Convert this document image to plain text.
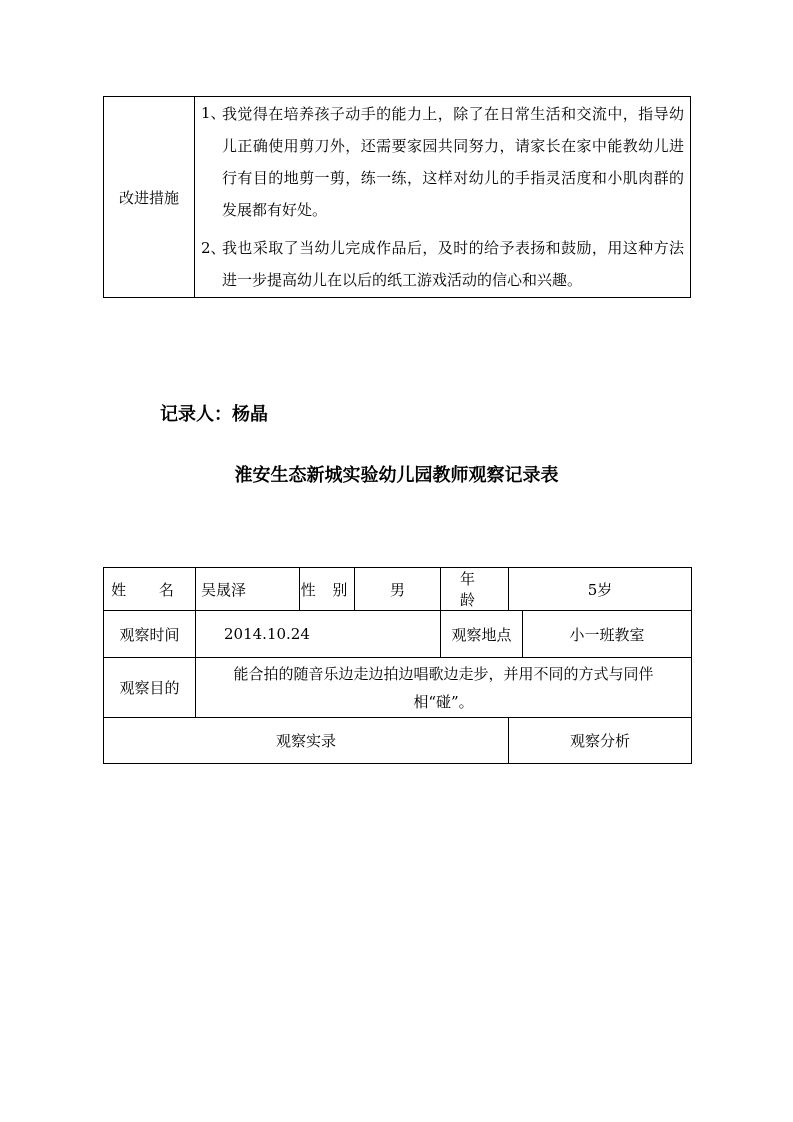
改进措施	
1、
我觉得在培养孩子动手的能力上，除了在日常生活和交流中，指导幼儿正确使用剪刀外，还需要家园共同努力，请家长在家中能教幼儿进行有目的地剪一剪，练一练，这样对幼儿的手指灵活度和小肌肉群的发展都有好处。
2、
我也采取了当幼儿完成作品后，及时的给予表扬和鼓励，用这种方法进一步提高幼儿在以后的纸工游戏活动的信心和兴趣。
记录人：杨晶
淮安生态新城实验幼儿园教师观察记录表
姓 名	吴晟泽	性 别	男	年 龄	5岁	
观察时间	2014.10.24			观察地点		小一班教室
观察目的	能合拍的随音乐边走边拍边唱歌边走步，并用不同的方式与同伴相“碰”。					
观察实录					观察分析	
